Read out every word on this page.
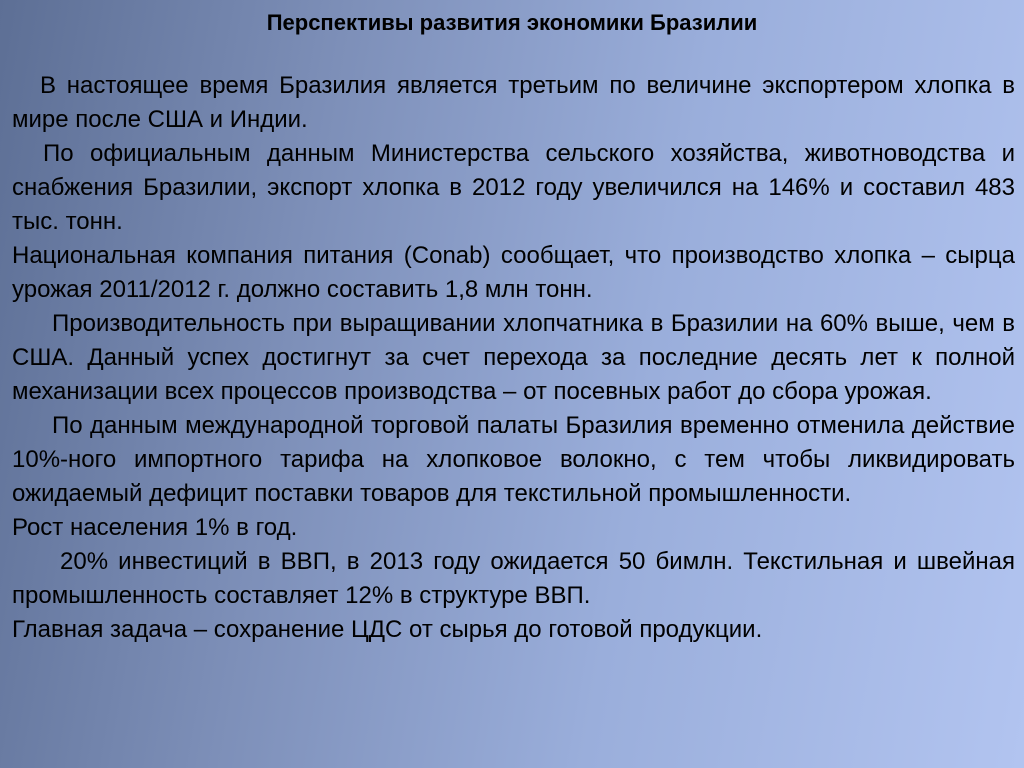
Перспективы развития экономики Бразилии

В настоящее время Бразилия является третьим по величине экспортером хлопка в мире после США и Индии.

По официальным данным Министерства сельского хозяйства, животноводства и снабжения Бразилии, экспорт хлопка в 2012 году увеличился на 146% и составил 483 тыс. тонн.

Национальная компания питания (Conab) сообщает, что производство хлопка – сырца урожая 2011/2012 г. должно составить 1,8 млн тонн.

Производительность при выращивании хлопчатника в Бразилии на 60% выше, чем в США. Данный успех достигнут за счет перехода за последние десять лет к полной механизации всех процессов производства – от посевных работ до сбора урожая.

По данным международной торговой палаты Бразилия временно отменила действие 10%-ного импортного тарифа на хлопковое волокно, с тем чтобы ликвидировать ожидаемый дефицит поставки товаров для текстильной промышленности.

Рост населения 1% в год.

20% инвестиций в ВВП, в 2013 году ожидается 50 бимлн. Текстильная и швейная промышленность составляет 12% в структуре ВВП.

Главная задача – сохранение ЦДС от сырья до готовой продукции.
